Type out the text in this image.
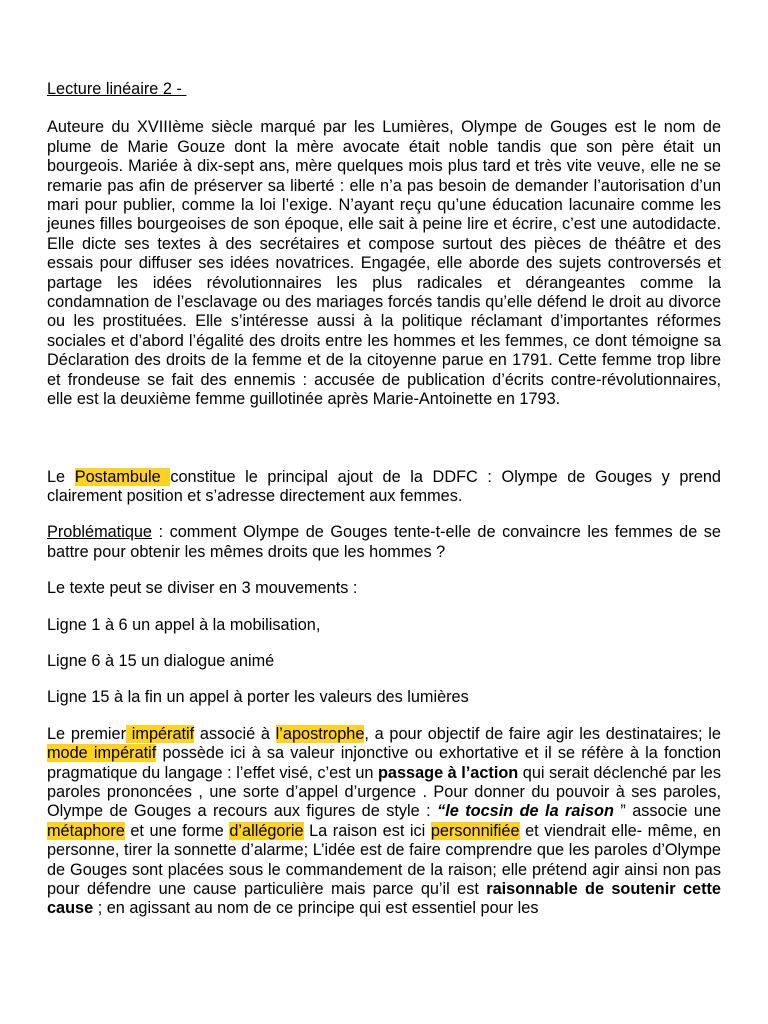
Lecture linéaire 2 -

Auteure du XVIIIème siècle marqué par les Lumières, Olympe de Gouges est le nom de plume de Marie Gouze dont la mère avocate était noble tandis que son père était un bourgeois. Mariée à dix-sept ans, mère quelques mois plus tard et très vite veuve, elle ne se remarie pas afin de préserver sa liberté : elle n’a pas besoin de demander l’autorisation d’un mari pour publier, comme la loi l’exige. N’ayant reçu qu’une éducation lacunaire comme les jeunes filles bourgeoises de son époque, elle sait à peine lire et écrire, c’est une autodidacte. Elle dicte ses textes à des secrétaires et compose surtout des pièces de théâtre et des essais pour diffuser ses idées novatrices. Engagée, elle aborde des sujets controversés et partage les idées révolutionnaires les plus radicales et dérangeantes comme la condamnation de l’esclavage ou des mariages forcés tandis qu’elle défend le droit au divorce ou les prostituées. Elle s’intéresse aussi à la politique réclamant d’importantes réformes sociales et d’abord l’égalité des droits entre les hommes et les femmes, ce dont témoigne sa Déclaration des droits de la femme et de la citoyenne parue en 1791. Cette femme trop libre et frondeuse se fait des ennemis : accusée de publication d’écrits contre-révolutionnaires, elle est la deuxième femme guillotinée après Marie-Antoinette en 1793.

Le Postambule constitue le principal ajout de la DDFC : Olympe de Gouges y prend clairement position et s’adresse directement aux femmes.

Problématique : comment Olympe de Gouges tente-t-elle de convaincre les femmes de se battre pour obtenir les mêmes droits que les hommes ?

Le texte peut se diviser en 3 mouvements :

Ligne 1 à 6 un appel à la mobilisation,

Ligne 6 à 15 un dialogue animé

Ligne 15 à la fin un appel à porter les valeurs des lumières

Le premier impératif associé à l’apostrophe, a pour objectif de faire agir les destinataires; le mode impératif possède ici à sa valeur injonctive ou exhortative et il se réfère à la fonction pragmatique du langage : l’effet visé, c’est un passage à l’action qui serait déclenché par les paroles prononcées , une sorte d’appel d’urgence . Pour donner du pouvoir à ses paroles, Olympe de Gouges a recours aux figures de style : “le tocsin de la raison ” associe une métaphore et une forme d’allégorie La raison est ici personnifiée et viendrait elle- même, en personne, tirer la sonnette d’alarme; L’idée est de faire comprendre que les paroles d’Olympe de Gouges sont placées sous le commandement de la raison; elle prétend agir ainsi non pas pour défendre une cause particulière mais parce qu’il est raisonnable de soutenir cette cause ; en agissant au nom de ce principe qui est essentiel pour les
